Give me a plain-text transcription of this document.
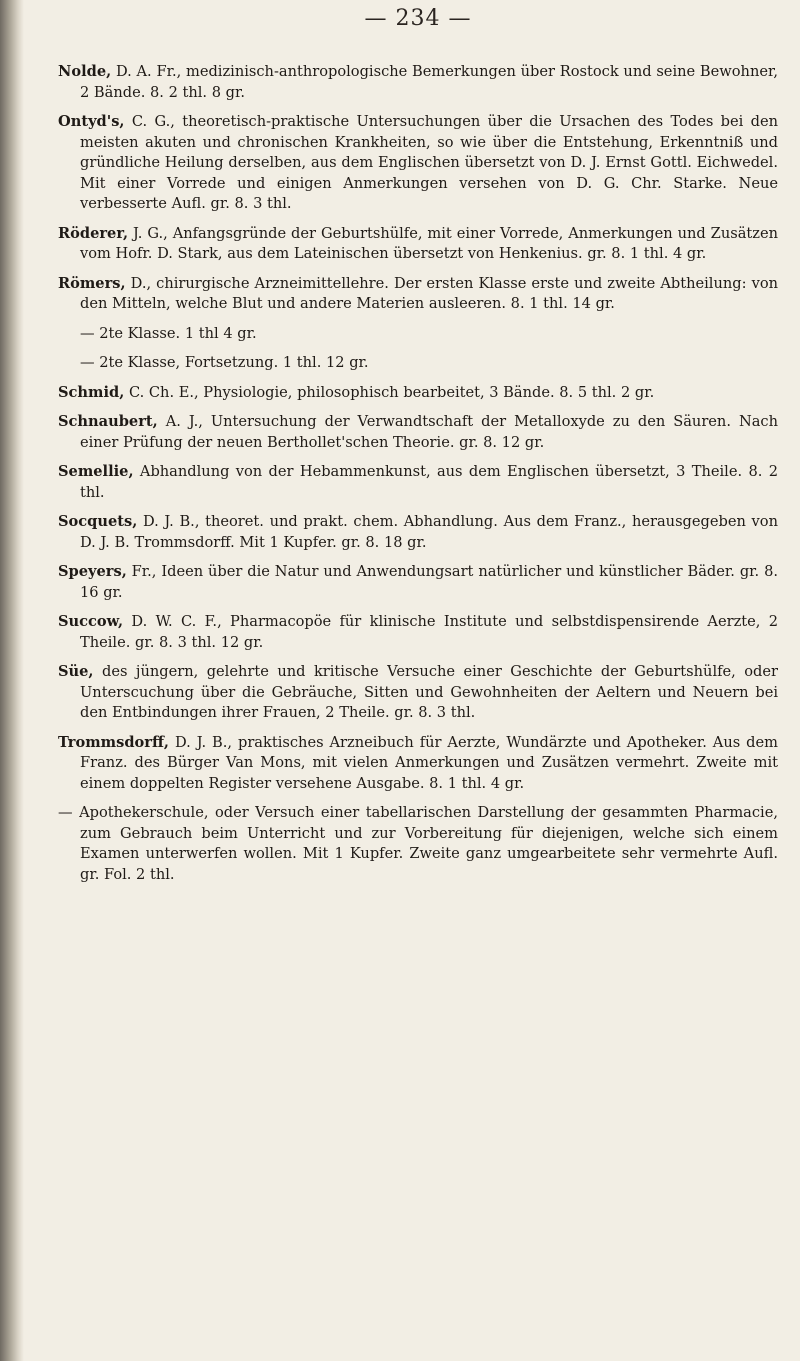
— 234 —

Nolde, D. A. Fr., medizinisch-anthropologische Bemerkungen über Rostock und seine Bewohner, 2 Bände. 8. 2 thl. 8 gr.

Ontyd's, C. G., theoretisch-praktische Untersuchungen über die Ursachen des Todes bei den meisten akuten und chronischen Krankheiten, so wie über die Entstehung, Erkenntniß und gründliche Heilung derselben, aus dem Englischen übersetzt von D. J. Ernst Gottl. Eichwedel. Mit einer Vorrede und einigen Anmerkungen versehen von D. G. Chr. Starke. Neue verbesserte Aufl. gr. 8. 3 thl.

Röderer, J. G., Anfangsgründe der Geburtshülfe, mit einer Vorrede, Anmerkungen und Zusätzen vom Hofr. D. Stark, aus dem Lateinischen übersetzt von Henkenius. gr. 8. 1 thl. 4 gr.

Römers, D., chirurgische Arzneimittellehre. Der ersten Klasse erste und zweite Abtheilung: von den Mitteln, welche Blut und andere Materien ausleeren. 8. 1 thl. 14 gr.

— 2te Klasse. 1 thl 4 gr.

— 2te Klasse, Fortsetzung. 1 thl. 12 gr.

Schmid, C. Ch. E., Physiologie, philosophisch bearbeitet, 3 Bände. 8. 5 thl. 2 gr.

Schnaubert, A. J., Untersuchung der Verwandtschaft der Metalloxyde zu den Säuren. Nach einer Prüfung der neuen Berthollet'schen Theorie. gr. 8. 12 gr.

Semellie, Abhandlung von der Hebammenkunst, aus dem Englischen übersetzt, 3 Theile. 8. 2 thl.

Socquets, D. J. B., theoret. und prakt. chem. Abhandlung. Aus dem Franz., herausgegeben von D. J. B. Trommsdorff. Mit 1 Kupfer. gr. 8. 18 gr.

Speyers, Fr., Ideen über die Natur und Anwendungsart natürlicher und künstlicher Bäder. gr. 8. 16 gr.

Succow, D. W. C. F., Pharmacopöe für klinische Institute und selbstdispensirende Aerzte, 2 Theile. gr. 8. 3 thl. 12 gr.

Süe, des jüngern, gelehrte und kritische Versuche einer Geschichte der Geburtshülfe, oder Unterscuchung über die Gebräuche, Sitten und Gewohnheiten der Aeltern und Neuern bei den Entbindungen ihrer Frauen, 2 Theile. gr. 8. 3 thl.

Trommsdorff, D. J. B., praktisches Arzneibuch für Aerzte, Wundärzte und Apotheker. Aus dem Franz. des Bürger Van Mons, mit vielen Anmerkungen und Zusätzen vermehrt. Zweite mit einem doppelten Register versehene Ausgabe. 8. 1 thl. 4 gr.

— Apothekerschule, oder Versuch einer tabellarischen Darstellung der gesammten Pharmacie, zum Gebrauch beim Unterricht und zur Vorbereitung für diejenigen, welche sich einem Examen unterwerfen wollen. Mit 1 Kupfer. Zweite ganz umgearbeitete sehr vermehrte Aufl. gr. Fol. 2 thl.
